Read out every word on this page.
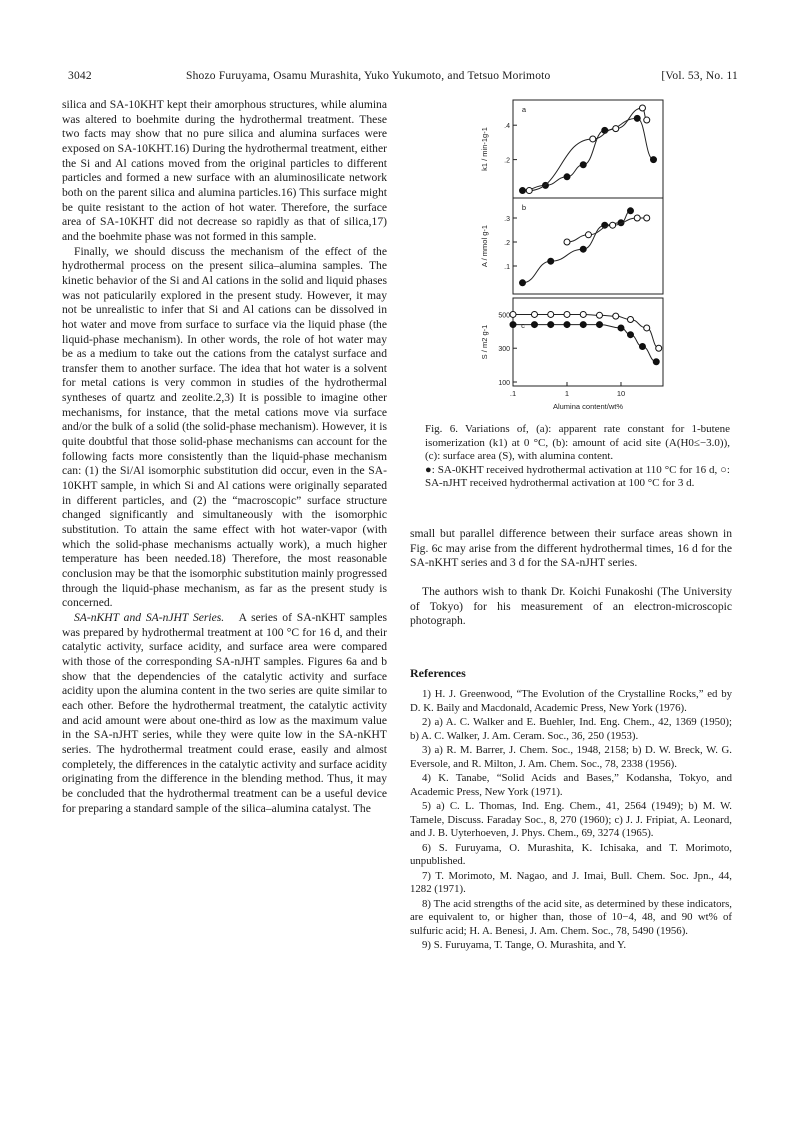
3042	Shozo Furuyama, Osamu Murashita, Yuko Yukumoto, and Tetsuo Morimoto	[Vol. 53, No. 11

silica and SA-10KHT kept their amorphous structures, while alumina was altered to boehmite during the hydrothermal treatment. These two facts may show that no pure silica and alumina surfaces were exposed on SA-10KHT.16) During the hydrothermal treatment, either the Si and Al cations moved from the original particles to different particles and formed a new surface with an aluminosilicate network both on the parent silica and alumina particles.16) This surface might be quite resistant to the action of hot water. Therefore, the surface area of SA-10KHT did not decrease so rapidly as that of silica,17) and the boehmite phase was not formed in this sample.

Finally, we should discuss the mechanism of the effect of the hydrothermal process on the present silica–alumina samples. The kinetic behavior of the Si and Al cations in the solid and liquid phases was not paticularily explored in the present study. However, it may not be unrealistic to infer that Si and Al cations can be dissolved in hot water and move from surface to surface via the liquid phase (the liquid-phase mechanism). In other words, the role of hot water may be as a medium to take out the cations from the catalyst surface and transfer them to another surface. The idea that hot water is a solvent for metal cations is very common in studies of the hydrothermal syntheses of quartz and zeolite.2,3) It is possible to imagine other mechanisms, for instance, that the metal cations move via surface and/or the bulk of a solid (the solid-phase mechanism). However, it is quite doubtful that those solid-phase mechanisms can account for the following facts more consistently than the liquid-phase mechanism can: (1) the Si/Al isomorphic substitution did occur, even in the SA-10KHT sample, in which Si and Al cations were originally separated in different particles, and (2) the “macroscopic” surface structure changed significantly and simultaneously with the isomorphic substitution. To attain the same effect with hot water-vapor (with which the solid-phase mechanisms actually work), a much higher temperature has been needed.18) Therefore, the most reasonable conclusion may be that the isomorphic substitution mainly progressed through the liquid-phase mechanism, as far as the present study is concerned.

SA-nKHT and SA-nJHT Series. A series of SA-nKHT samples was prepared by hydrothermal treatment at 100 °C for 16 d, and their catalytic activity, surface acidity, and surface area were compared with those of the corresponding SA-nJHT samples. Figures 6a and b show that the dependencies of the catalytic activity and surface acidity upon the alumina content in the two series are quite similar to each other. Before the hydrothermal treatment, the catalytic activity and acid amount were about one-third as low as the maximum value in the SA-nJHT series, while they were quite low in the SA-nKHT series. The hydrothermal treatment could erase, easily and almost completely, the differences in the catalytic activity and surface acidity originating from the difference in the blending method. Thus, it may be concluded that the hydrothermal treatment can be a useful device for preparing a standard sample of the silica–alumina catalyst. The

.2
.4
a
k1 / min-1g-1
.1
.2
.3
b
A / mmol g-1
100
300
500
c
S / m2 g-1
.1	1	10
Alumina content/wt%

Fig. 6. Variations of, (a): apparent rate constant for 1-butene isomerization (k1) at 0 °C, (b): amount of acid site (A(H0≤−3.0)), (c): surface area (S), with alumina content.

●: SA-0KHT received hydrothermal activation at 110 °C for 16 d, ○: SA-nJHT received hydrothermal activation at 100 °C for 3 d.

small but parallel difference between their surface areas shown in Fig. 6c may arise from the different hydrothermal times, 16 d for the SA-nKHT series and 3 d for the SA-nJHT series.

The authors wish to thank Dr. Koichi Funakoshi (The University of Tokyo) for his measurement of an electron-microscopic photograph.

References

1) H. J. Greenwood, “The Evolution of the Crystalline Rocks,” ed by D. K. Baily and Macdonald, Academic Press, New York (1976).

2) a) A. C. Walker and E. Buehler, Ind. Eng. Chem., 42, 1369 (1950); b) A. C. Walker, J. Am. Ceram. Soc., 36, 250 (1953).

3) a) R. M. Barrer, J. Chem. Soc., 1948, 2158; b) D. W. Breck, W. G. Eversole, and R. Milton, J. Am. Chem. Soc., 78, 2338 (1956).

4) K. Tanabe, “Solid Acids and Bases,” Kodansha, Tokyo, and Academic Press, New York (1971).

5) a) C. L. Thomas, Ind. Eng. Chem., 41, 2564 (1949); b) M. W. Tamele, Discuss. Faraday Soc., 8, 270 (1960); c) J. J. Fripiat, A. Leonard, and J. B. Uyterhoeven, J. Phys. Chem., 69, 3274 (1965).

6) S. Furuyama, O. Murashita, K. Ichisaka, and T. Morimoto, unpublished.

7) T. Morimoto, M. Nagao, and J. Imai, Bull. Chem. Soc. Jpn., 44, 1282 (1971).

8) The acid strengths of the acid site, as determined by these indicators, are equivalent to, or higher than, those of 10−4, 48, and 90 wt% of sulfuric acid; H. A. Benesi, J. Am. Chem. Soc., 78, 5490 (1956).

9) S. Furuyama, T. Tange, O. Murashita, and Y.
